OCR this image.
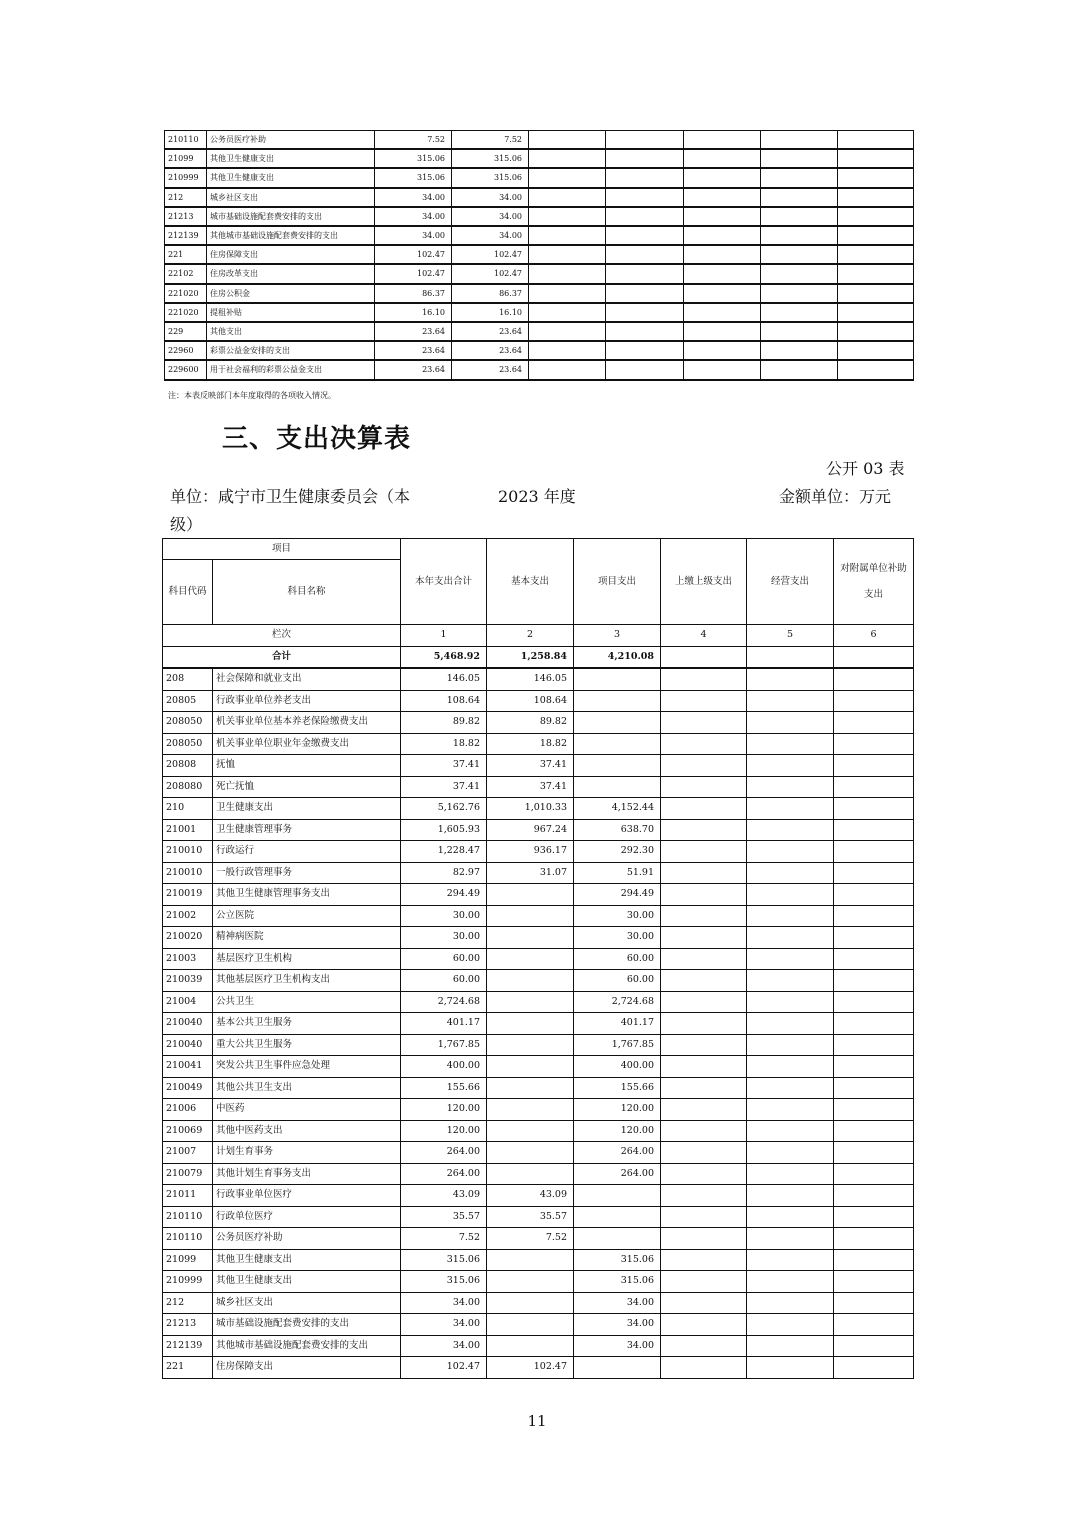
210110	公务员医疗补助	7.52	7.52					
21099	其他卫生健康支出	315.06	315.06					
210999	其他卫生健康支出	315.06	315.06					
212	城乡社区支出	34.00	34.00					
21213	城市基础设施配套费安排的支出	34.00	34.00					
212139	其他城市基础设施配套费安排的支出	34.00	34.00					
221	住房保障支出	102.47	102.47					
22102	住房改革支出	102.47	102.47					
221020	住房公积金	86.37	86.37					
221020	提租补贴	16.10	16.10					
229	其他支出	23.64	23.64					
22960	彩票公益金安排的支出	23.64	23.64					
229600	用于社会福利的彩票公益金支出	23.64	23.64					
注：本表反映部门本年度取得的各项收入情况。
三、支出决算表
公开 03 表
单位：咸宁市卫生健康委员会（本
级）
2023 年度	金额单位：万元
项目		本年支出合计	基本支出	项目支出	上缴上级支出	经营支出	对附属单位补助支出
科目代码	科目名称						
栏次		1	2	3	4	5	6
合计		5,468.92	1,258.84	4,210.08			
208	社会保障和就业支出	146.05	146.05				
20805	行政事业单位养老支出	108.64	108.64				
208050	机关事业单位基本养老保险缴费支出	89.82	89.82				
208050	机关事业单位职业年金缴费支出	18.82	18.82				
20808	抚恤	37.41	37.41				
208080	死亡抚恤	37.41	37.41				
210	卫生健康支出	5,162.76	1,010.33	4,152.44			
21001	卫生健康管理事务	1,605.93	967.24	638.70			
210010	行政运行	1,228.47	936.17	292.30			
210010	一般行政管理事务	82.97	31.07	51.91			
210019	其他卫生健康管理事务支出	294.49		294.49			
21002	公立医院	30.00		30.00			
210020	精神病医院	30.00		30.00			
21003	基层医疗卫生机构	60.00		60.00			
210039	其他基层医疗卫生机构支出	60.00		60.00			
21004	公共卫生	2,724.68		2,724.68			
210040	基本公共卫生服务	401.17		401.17			
210040	重大公共卫生服务	1,767.85		1,767.85			
210041	突发公共卫生事件应急处理	400.00		400.00			
210049	其他公共卫生支出	155.66		155.66			
21006	中医药	120.00		120.00			
210069	其他中医药支出	120.00		120.00			
21007	计划生育事务	264.00		264.00			
210079	其他计划生育事务支出	264.00		264.00			
21011	行政事业单位医疗	43.09	43.09				
210110	行政单位医疗	35.57	35.57				
210110	公务员医疗补助	7.52	7.52				
21099	其他卫生健康支出	315.06		315.06			
210999	其他卫生健康支出	315.06		315.06			
212	城乡社区支出	34.00		34.00			
21213	城市基础设施配套费安排的支出	34.00		34.00			
212139	其他城市基础设施配套费安排的支出	34.00		34.00			
221	住房保障支出	102.47	102.47				
11
